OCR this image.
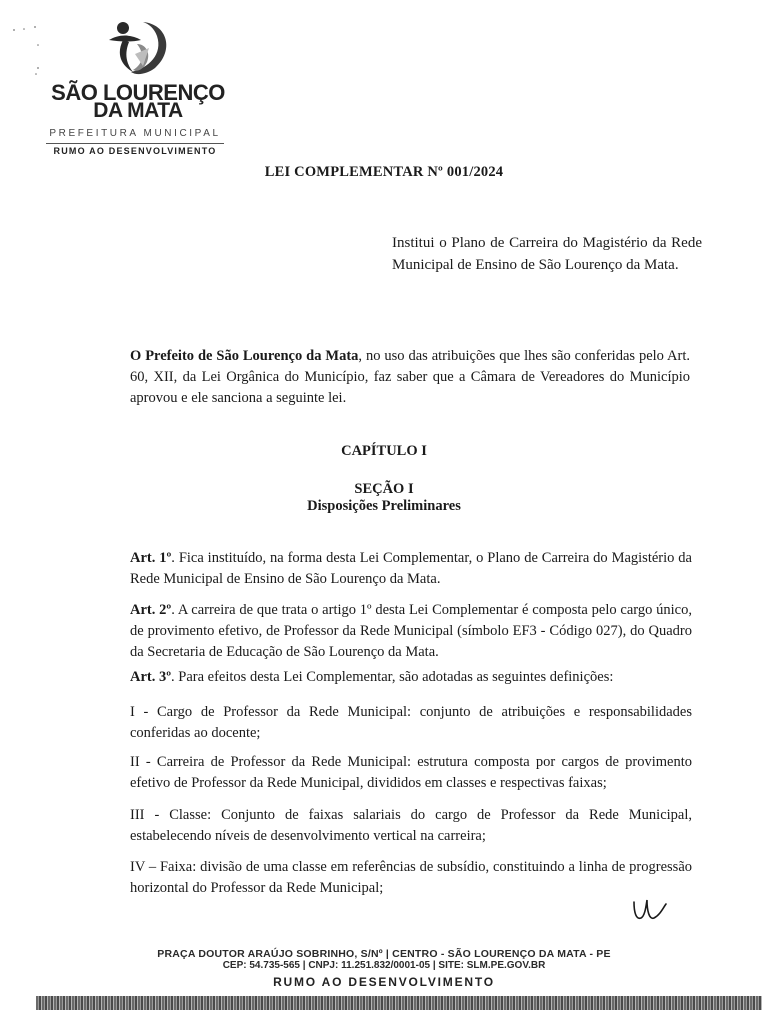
SÃO LOURENÇO
DA MATA
PREFEITURA MUNICIPAL
RUMO AO DESENVOLVIMENTO
LEI COMPLEMENTAR Nº 001/2024
Institui o Plano de Carreira do Magistério da Rede Municipal de Ensino de São Lourenço da Mata.
O Prefeito de São Lourenço da Mata, no uso das atribuições que lhes são conferidas pelo Art. 60, XII, da Lei Orgânica do Município, faz saber que a Câmara de Vereadores do Município aprovou e ele sanciona a seguinte lei.
CAPÍTULO I
SEÇÃO I
Disposições Preliminares
Art. 1º. Fica instituído, na forma desta Lei Complementar, o Plano de Carreira do Magistério da Rede Municipal de Ensino de São Lourenço da Mata.
Art. 2º. A carreira de que trata o artigo 1º desta Lei Complementar é composta pelo cargo único, de provimento efetivo, de Professor da Rede Municipal (símbolo EF3 - Código 027), do Quadro da Secretaria de Educação de São Lourenço da Mata.
Art. 3º. Para efeitos desta Lei Complementar, são adotadas as seguintes definições:
I - Cargo de Professor da Rede Municipal: conjunto de atribuições e responsabilidades conferidas ao docente;
II - Carreira de Professor da Rede Municipal: estrutura composta por cargos de provimento efetivo de Professor da Rede Municipal, divididos em classes e respectivas faixas;
III - Classe: Conjunto de faixas salariais do cargo de Professor da Rede Municipal, estabelecendo níveis de desenvolvimento vertical na carreira;
IV – Faixa: divisão de uma classe em referências de subsídio, constituindo a linha de progressão horizontal do Professor da Rede Municipal;
PRAÇA DOUTOR ARAÚJO SOBRINHO, S/Nº | CENTRO - SÃO LOURENÇO DA MATA - PE
CEP: 54.735-565 | CNPJ: 11.251.832/0001-05 | SITE: SLM.PE.GOV.BR
RUMO AO DESENVOLVIMENTO
